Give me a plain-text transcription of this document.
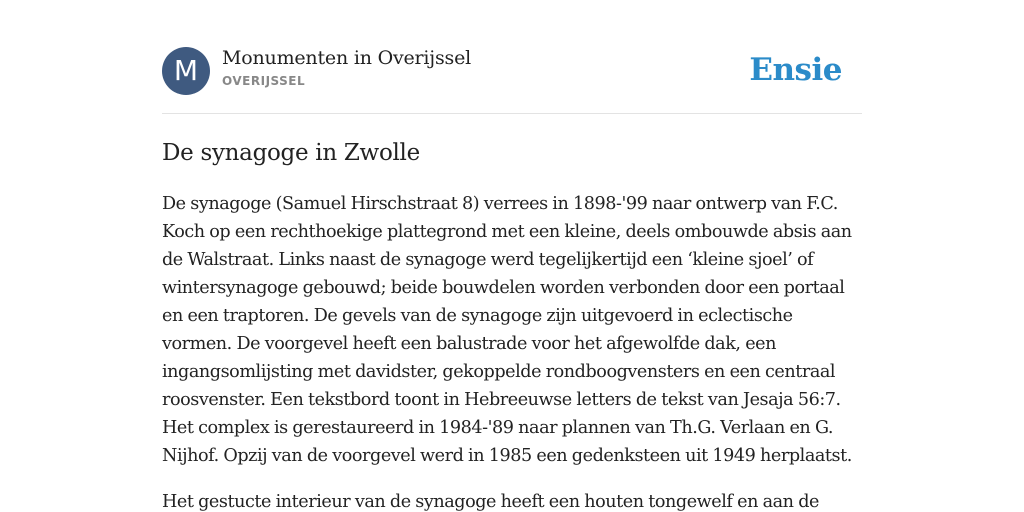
M	Monumenten in Overijssel
OVERIJSSEL	Ensie
De synagoge in Zwolle

De synagoge (Samuel Hirschstraat 8) verrees in 1898-'99 naar ontwerp van F.C. Koch op een rechthoekige plattegrond met een kleine, deels ombouwde absis aan de Walstraat. Links naast de synagoge werd tegelijkertijd een ‘kleine sjoel’ of wintersynagoge gebouwd; beide bouwdelen worden verbonden door een portaal en een traptoren. De gevels van de synagoge zijn uitgevoerd in eclectische vormen. De voorgevel heeft een balustrade voor het afgewolfde dak, een ingangsomlijsting met davidster, gekoppelde rondboogvensters en een centraal roosvenster. Een tekstbord toont in Hebreeuwse letters de tekst van Jesaja 56:7. Het complex is gerestaureerd in 1984-'89 naar plannen van Th.G. Verlaan en G. Nijhof. Opzij van de voorgevel werd in 1985 een gedenksteen uit 1949 herplaatst.

Het gestucte interieur van de synagoge heeft een houten tongewelf en aan de
